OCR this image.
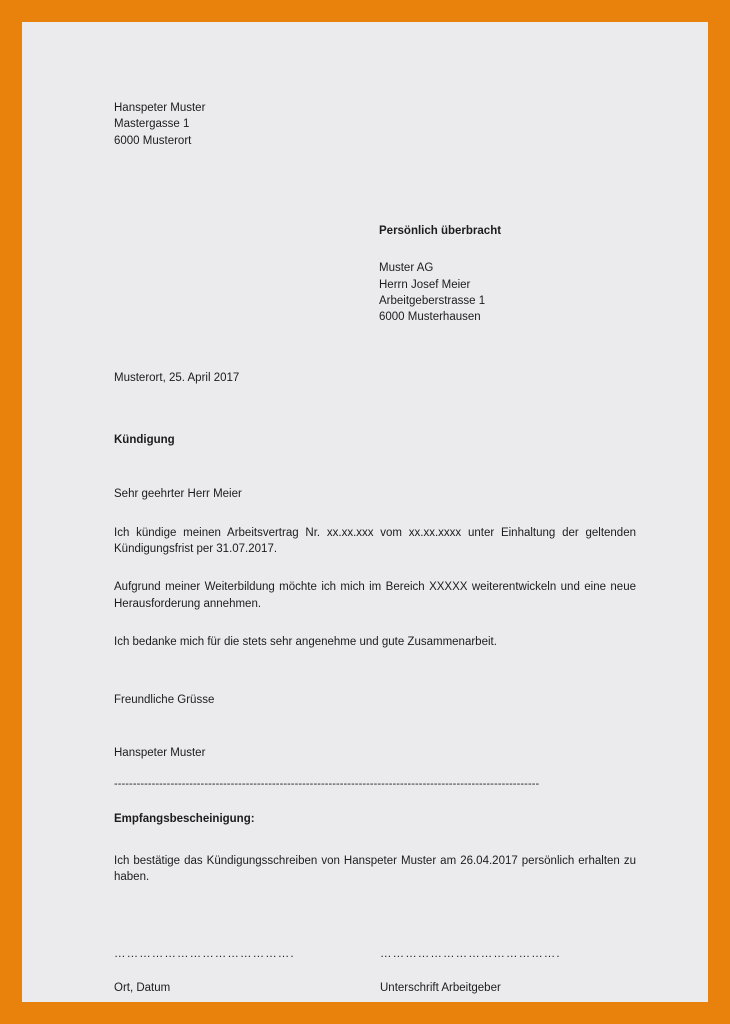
Hanspeter Muster
Mastergasse 1
6000 Musterort
Persönlich überbracht
Muster AG
Herrn Josef Meier
Arbeitgeberstrasse 1
6000 Musterhausen
Musterort, 25. April 2017
Kündigung
Sehr geehrter Herr Meier
Ich kündige meinen Arbeitsvertrag Nr. xx.xx.xxx vom xx.xx.xxxx unter Einhaltung der geltenden Kündigungsfrist per 31.07.2017.
Aufgrund meiner Weiterbildung möchte ich mich im Bereich XXXXX weiterentwickeln und eine neue Herausforderung annehmen.
Ich bedanke mich für die stets sehr angenehme und gute Zusammenarbeit.
Freundliche Grüsse
Hanspeter Muster
-----------------------------------------------------------------------------------------------------------------
Empfangsbescheinigung:
Ich bestätige das Kündigungsschreiben von Hanspeter Muster am 26.04.2017 persönlich erhalten zu haben.
…………………………………….
Ort, Datum
…………………………………….
Unterschrift Arbeitgeber
